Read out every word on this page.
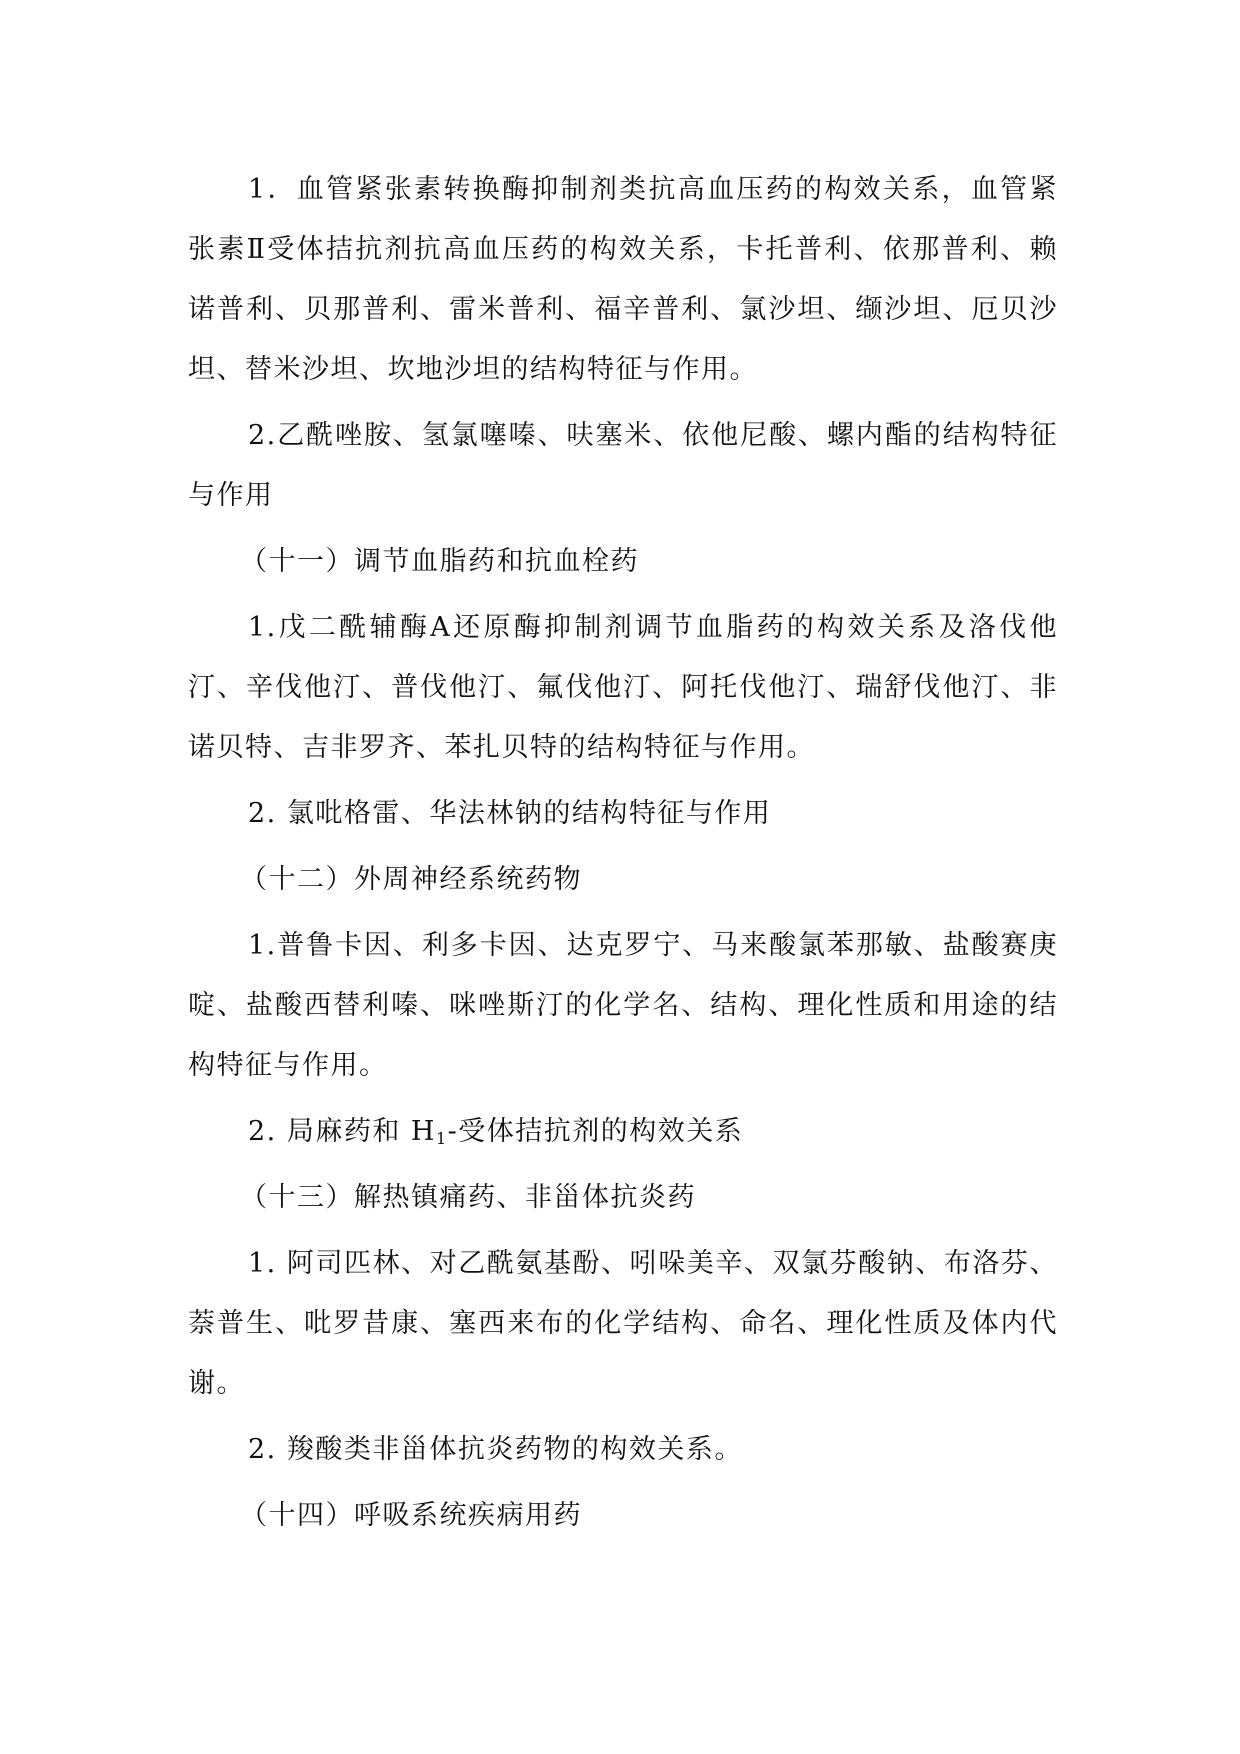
1．血管紧张素转换酶抑制剂类抗高血压药的构效关系，血管紧张素Ⅱ受体拮抗剂抗高血压药的构效关系，卡托普利、依那普利、赖诺普利、贝那普利、雷米普利、福辛普利、氯沙坦、缬沙坦、厄贝沙坦、替米沙坦、坎地沙坦的结构特征与作用。

2.乙酰唑胺、氢氯噻嗪、呋塞米、依他尼酸、螺内酯的结构特征与作用

（十一）调节血脂药和抗血栓药

1.戊二酰辅酶A还原酶抑制剂调节血脂药的构效关系及洛伐他汀、辛伐他汀、普伐他汀、氟伐他汀、阿托伐他汀、瑞舒伐他汀、非诺贝特、吉非罗齐、苯扎贝特的结构特征与作用。

2. 氯吡格雷、华法林钠的结构特征与作用

（十二）外周神经系统药物

1.普鲁卡因、利多卡因、达克罗宁、马来酸氯苯那敏、盐酸赛庚啶、盐酸西替利嗪、咪唑斯汀的化学名、结构、理化性质和用途的结构特征与作用。

2. 局麻药和 $H_1-$受体拮抗剂的构效关系

（十三）解热镇痛药、非甾体抗炎药

1. 阿司匹林、对乙酰氨基酚、吲哚美辛、双氯芬酸钠、布洛芬、萘普生、吡罗昔康、塞西来布的化学结构、命名、理化性质及体内代谢。

2. 羧酸类非甾体抗炎药物的构效关系。

（十四）呼吸系统疾病用药
